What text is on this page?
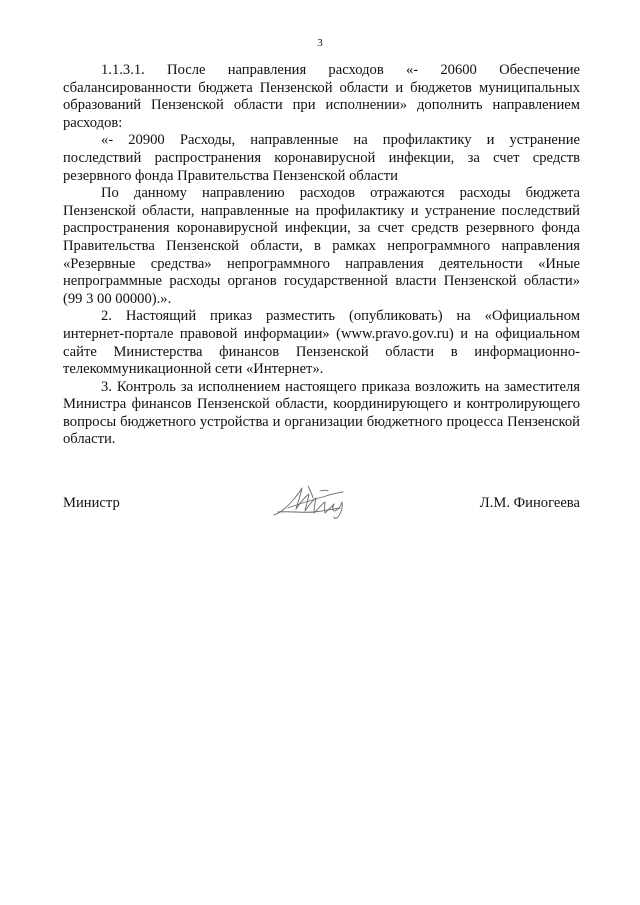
3

1.1.3.1. После направления расходов «- 20600 Обеспечение сбалансированности бюджета Пензенской области и бюджетов муниципальных образований Пензенской области при исполнении» дополнить направлением расходов:

«- 20900 Расходы, направленные на профилактику и устранение последствий распространения коронавирусной инфекции, за счет средств резервного фонда Правительства Пензенской области

По данному направлению расходов отражаются расходы бюджета Пензенской области, направленные на профилактику и устранение последствий распространения коронавирусной инфекции, за счет средств резервного фонда Правительства Пензенской области, в рамках непрограммного направления «Резервные средства» непрограммного направления деятельности «Иные непрограммные расходы органов государственной власти Пензенской области» (99 3 00 00000).».

2. Настоящий приказ разместить (опубликовать) на «Официальном интернет-портале правовой информации» (www.pravo.gov.ru) и на официальном сайте Министерства финансов Пензенской области в информационно-телекоммуникационной сети «Интернет».

3. Контроль за исполнением настоящего приказа возложить на заместителя Министра финансов Пензенской области, координирующего и контролирующего вопросы бюджетного устройства и организации бюджетного процесса Пензенской области.

Министр	Л.М. Финогеева
